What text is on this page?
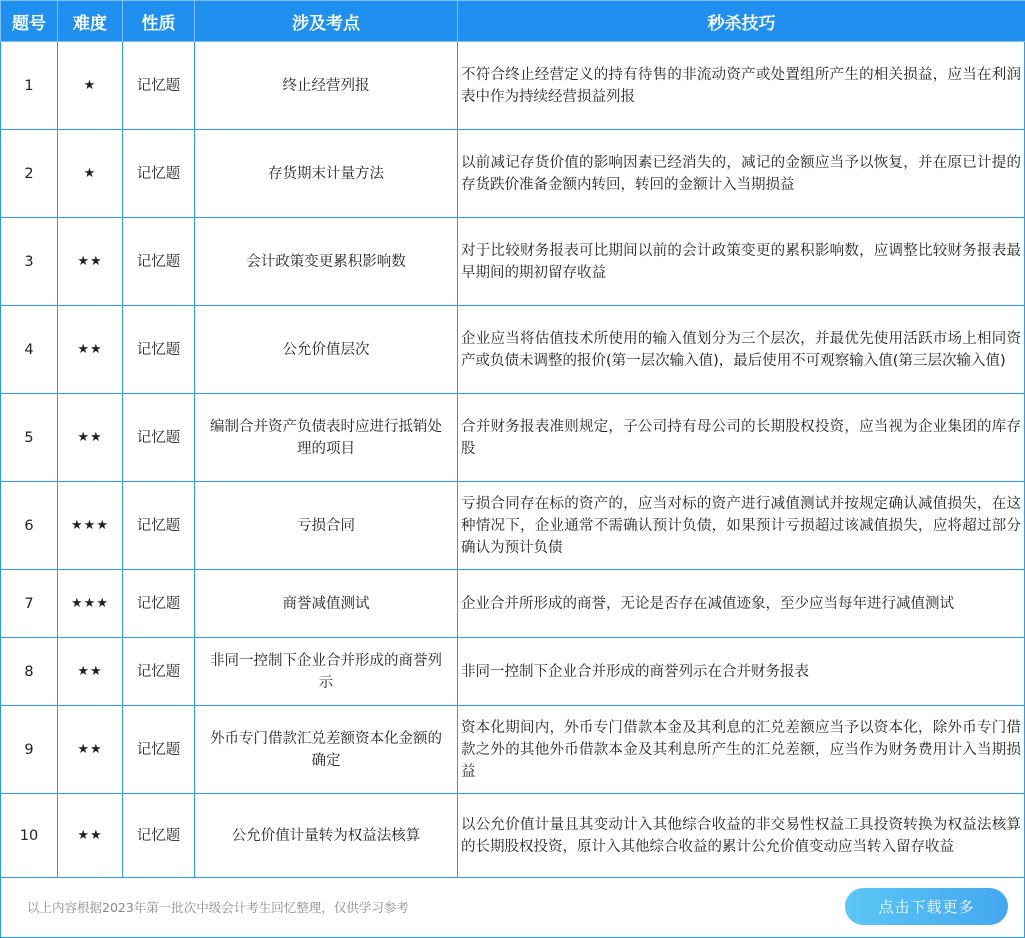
题号	难度	性质	涉及考点	秒杀技巧
1	★	记忆题	终止经营列报	不符合终止经营定义的持有待售的非流动资产或处置组所产生的相关损益，应当在利润表中作为持续经营损益列报
2	★	记忆题	存货期末计量方法	以前减记存货价值的影响因素已经消失的，减记的金额应当予以恢复，并在原已计提的存货跌价准备金额内转回，转回的金额计入当期损益
3	★★	记忆题	会计政策变更累积影响数	对于比较财务报表可比期间以前的会计政策变更的累积影响数，应调整比较财务报表最早期间的期初留存收益
4	★★	记忆题	公允价值层次	企业应当将估值技术所使用的输入值划分为三个层次，并最优先使用活跃市场上相同资产或负债未调整的报价(第一层次输入值)，最后使用不可观察输入值(第三层次输入值)
5	★★	记忆题	编制合并资产负债表时应进行抵销处理的项目	合并财务报表准则规定，子公司持有母公司的长期股权投资，应当视为企业集团的库存股
6	★★★	记忆题	亏损合同	亏损合同存在标的资产的，应当对标的资产进行减值测试并按规定确认减值损失，在这种情况下，企业通常不需确认预计负债，如果预计亏损超过该减值损失，应将超过部分确认为预计负债
7	★★★	记忆题	商誉减值测试	企业合并所形成的商誉，无论是否存在减值迹象，至少应当每年进行减值测试
8	★★	记忆题	非同一控制下企业合并形成的商誉列示	非同一控制下企业合并形成的商誉列示在合并财务报表
9	★★	记忆题	外币专门借款汇兑差额资本化金额的确定	资本化期间内，外币专门借款本金及其利息的汇兑差额应当予以资本化，除外币专门借款之外的其他外币借款本金及其利息所产生的汇兑差额，应当作为财务费用计入当期损益
10	★★	记忆题	公允价值计量转为权益法核算	以公允价值计量且其变动计入其他综合收益的非交易性权益工具投资转换为权益法核算的长期股权投资，原计入其他综合收益的累计公允价值变动应当转入留存收益
以上内容根据2023年第一批次中级会计考生回忆整理，仅供学习参考	点击下载更多
